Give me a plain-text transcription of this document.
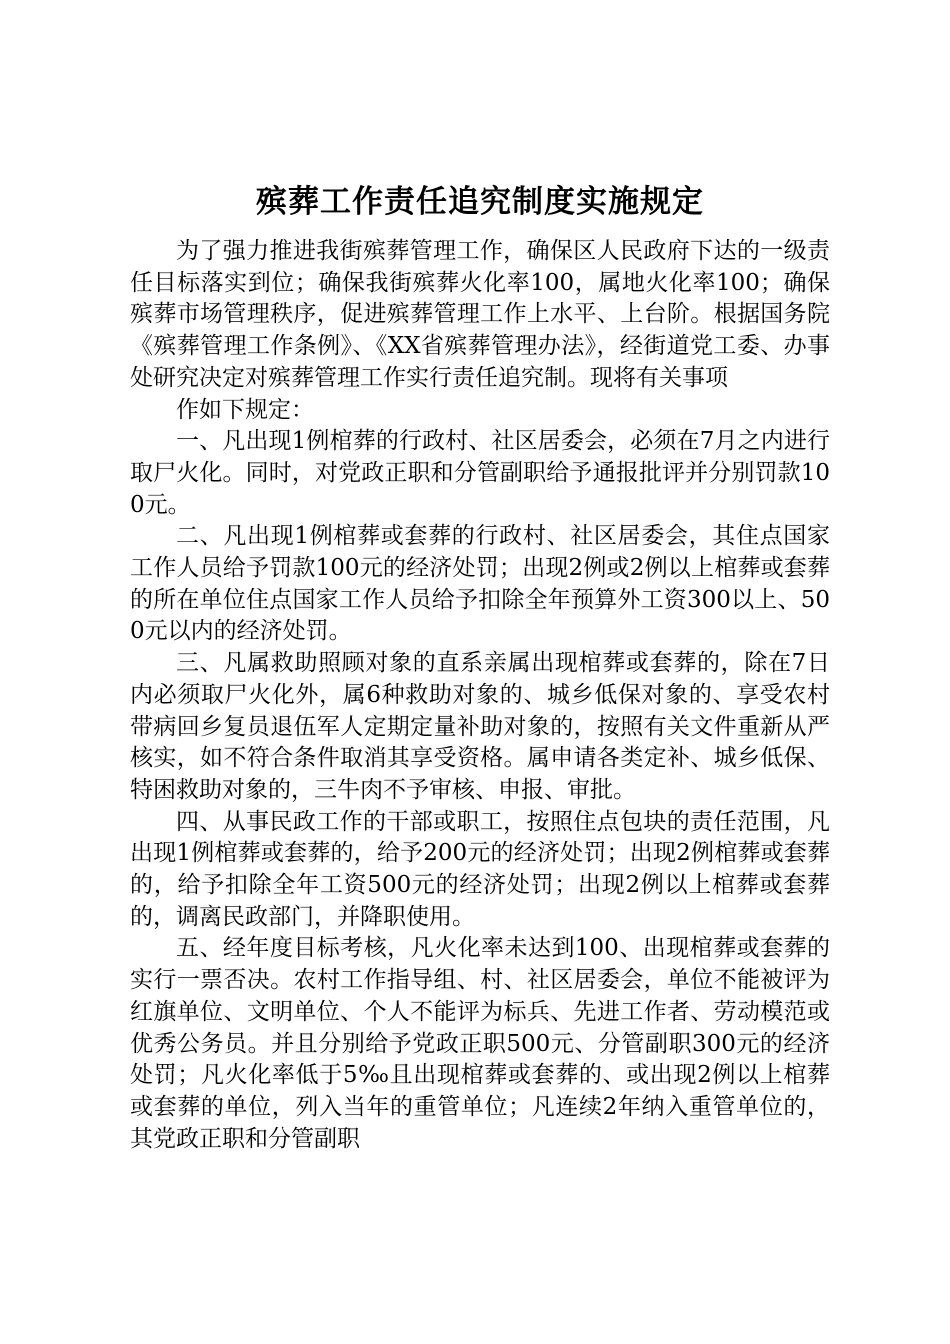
殡葬工作责任追究制度实施规定

为了强力推进我街殡葬管理工作，确保区人民政府下达的一级责任目标落实到位；确保我街殡葬火化率100，属地火化率100；确保殡葬市场管理秩序，促进殡葬管理工作上水平、上台阶。根据国务院《殡葬管理工作条例》、《XX省殡葬管理办法》，经街道党工委、办事处研究决定对殡葬管理工作实行责任追究制。现将有关事项

作如下规定：

一、凡出现1例棺葬的行政村、社区居委会，必须在7月之内进行取尸火化。同时，对党政正职和分管副职给予通报批评并分别罚款100元。

二、凡出现1例棺葬或套葬的行政村、社区居委会，其住点国家工作人员给予罚款100元的经济处罚；出现2例或2例以上棺葬或套葬的所在单位住点国家工作人员给予扣除全年预算外工资300以上、500元以内的经济处罚。

三、凡属救助照顾对象的直系亲属出现棺葬或套葬的，除在7日内必须取尸火化外，属6种救助对象的、城乡低保对象的、享受农村带病回乡复员退伍军人定期定量补助对象的，按照有关文件重新从严核实，如不符合条件取消其享受资格。属申请各类定补、城乡低保、特困救助对象的，三牛肉不予审核、申报、审批。

四、从事民政工作的干部或职工，按照住点包块的责任范围，凡出现1例棺葬或套葬的，给予200元的经济处罚；出现2例棺葬或套葬的，给予扣除全年工资500元的经济处罚；出现2例以上棺葬或套葬的，调离民政部门，并降职使用。

五、经年度目标考核，凡火化率未达到100、出现棺葬或套葬的实行一票否决。农村工作指导组、村、社区居委会，单位不能被评为红旗单位、文明单位、个人不能评为标兵、先进工作者、劳动模范或优秀公务员。并且分别给予党政正职500元、分管副职300元的经济处罚；凡火化率低于5‰且出现棺葬或套葬的、或出现2例以上棺葬或套葬的单位，列入当年的重管单位；凡连续2年纳入重管单位的，其党政正职和分管副职
